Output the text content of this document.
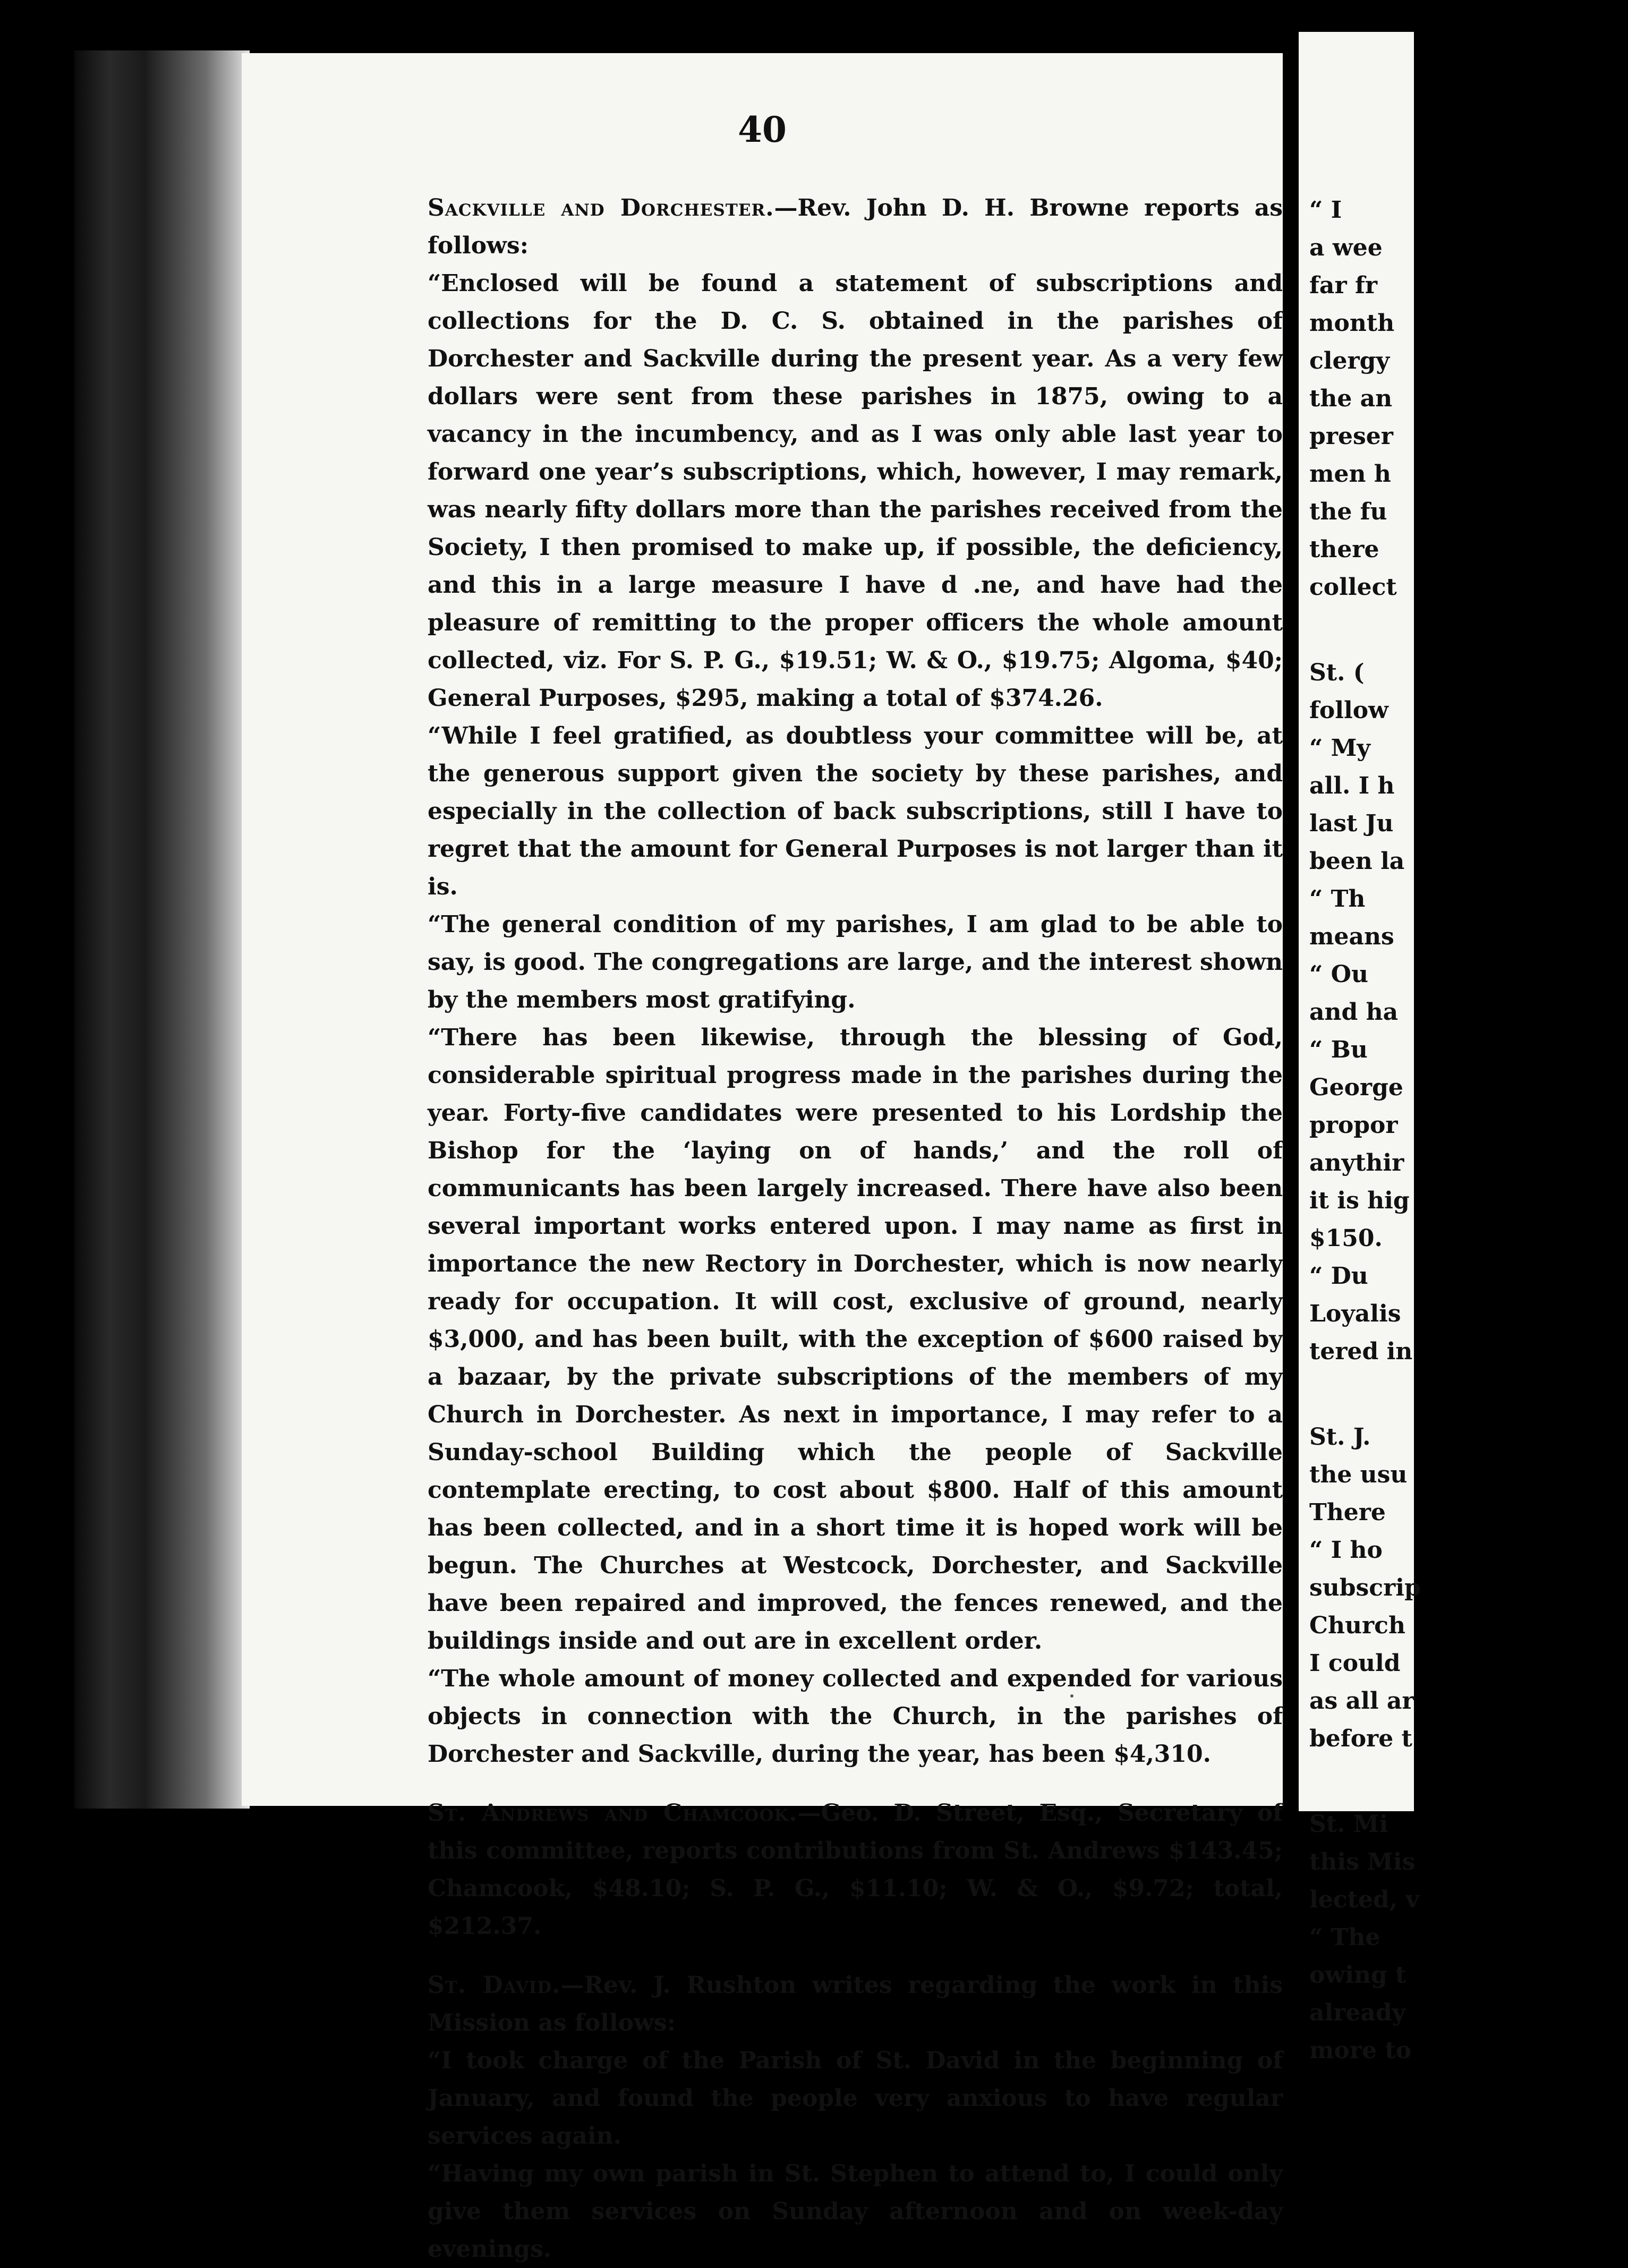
40

Sackville and Dorchester.—Rev. John D. H. Browne reports as follows:

“Enclosed will be found a statement of subscriptions and collections for the D. C. S. obtained in the parishes of Dorchester and Sackville during the present year. As a very few dollars were sent from these parishes in 1875, owing to a vacancy in the incumbency, and as I was only able last year to forward one year’s subscriptions, which, however, I may remark, was nearly fifty dollars more than the parishes received from the Society, I then promised to make up, if possible, the deficiency, and this in a large measure I have d .ne, and have had the pleasure of remitting to the proper officers the whole amount collected, viz. For S. P. G., $19.51; W. & O., $19.75; Algoma, $40; General Purposes, $295, making a total of $374.26.

“While I feel gratified, as doubtless your committee will be, at the generous support given the society by these parishes, and especially in the collection of back subscriptions, still I have to regret that the amount for General Purposes is not larger than it is.

“The general condition of my parishes, I am glad to be able to say, is good. The congregations are large, and the interest shown by the members most gratifying.

“There has been likewise, through the blessing of God, considerable spiritual progress made in the parishes during the year. Forty-five candidates were presented to his Lordship the Bishop for the ‘laying on of hands,’ and the roll of communicants has been largely increased. There have also been several important works entered upon. I may name as first in importance the new Rectory in Dorchester, which is now nearly ready for occupation. It will cost, exclusive of ground, nearly $3,000, and has been built, with the exception of $600 raised by a bazaar, by the private subscriptions of the members of my Church in Dorchester. As next in importance, I may refer to a Sunday-school Building which the people of Sackville contemplate erecting, to cost about $800. Half of this amount has been collected, and in a short time it is hoped work will be begun. The Churches at Westcock, Dorchester, and Sackville have been repaired and improved, the fences renewed, and the buildings inside and out are in excellent order.

“The whole amount of money collected and expended for various objects in connection with the Church, in the parishes of Dorchester and Sackville, during the year, has been $4,310.

St. Andrews and Chamcook.—Geo. D. Street, Esq., Secretary of this committee, reports contributions from St. Andrews $143.45; Chamcook, $48.10; S. P. G., $11.10; W. & O., $9.72; total, $212.37.

St. David.—Rev. J. Rushton writes regarding the work in this Mission as follows:

“I took charge of the Parish of St. David in the beginning of January, and found the people very anxious to have regular services again.

“Having my own parish in St. Stephen to attend to, I could only give them services on Sunday afternoon and on week-day evenings.

“ I
a wee
far fr
month
clergy
the an
preser
men h
the fu
there
collect
St. (
follow
“ My
all. I h
last Ju
been la
“ Th
means
“ Ou
and ha
“ Bu
George
propor
anythir
it is hig
$150.
“ Du
Loyalis
tered in
St. J.
the usu
There
“ I ho
subscrip
Church
I could
as all ar
before t
St. Mi
this Mis
lected, v
“ The
owing t
already
more to
